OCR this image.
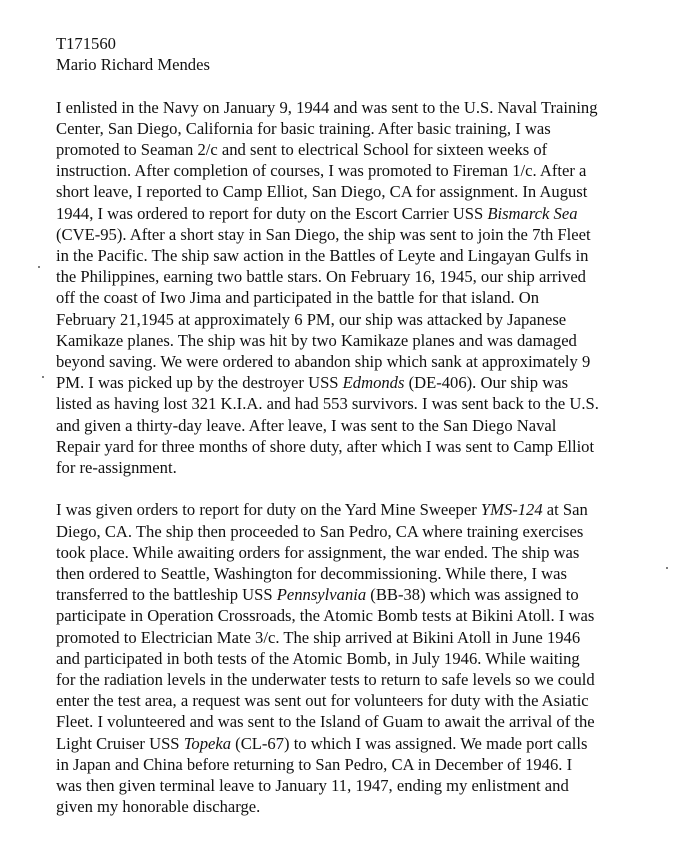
T171560

Mario Richard Mendes

I enlisted in the Navy on January 9, 1944 and was sent to the U.S. Naval Training
Center, San Diego, California for basic training. After basic training, I was
promoted to Seaman 2/c and sent to electrical School for sixteen weeks of
instruction. After completion of courses, I was promoted to Fireman 1/c. After a
short leave, I reported to Camp Elliot, San Diego, CA for assignment. In August
1944, I was ordered to report for duty on the Escort Carrier USS Bismarck Sea
(CVE-95). After a short stay in San Diego, the ship was sent to join the 7th Fleet
in the Pacific. The ship saw action in the Battles of Leyte and Lingayan Gulfs in
the Philippines, earning two battle stars. On February 16, 1945, our ship arrived
off the coast of Iwo Jima and participated in the battle for that island. On
February 21,1945 at approximately 6 PM, our ship was attacked by Japanese
Kamikaze planes. The ship was hit by two Kamikaze planes and was damaged
beyond saving. We were ordered to abandon ship which sank at approximately 9
PM. I was picked up by the destroyer USS Edmonds (DE-406). Our ship was
listed as having lost 321 K.I.A. and had 553 survivors. I was sent back to the U.S.
and given a thirty-day leave. After leave, I was sent to the San Diego Naval
Repair yard for three months of shore duty, after which I was sent to Camp Elliot
for re-assignment.
I was given orders to report for duty on the Yard Mine Sweeper YMS-124 at San
Diego, CA. The ship then proceeded to San Pedro, CA where training exercises
took place. While awaiting orders for assignment, the war ended. The ship was
then ordered to Seattle, Washington for decommissioning. While there, I was
transferred to the battleship USS Pennsylvania (BB-38) which was assigned to
participate in Operation Crossroads, the Atomic Bomb tests at Bikini Atoll. I was
promoted to Electrician Mate 3/c. The ship arrived at Bikini Atoll in June 1946
and participated in both tests of the Atomic Bomb, in July 1946. While waiting
for the radiation levels in the underwater tests to return to safe levels so we could
enter the test area, a request was sent out for volunteers for duty with the Asiatic
Fleet. I volunteered and was sent to the Island of Guam to await the arrival of the
Light Cruiser USS Topeka (CL-67) to which I was assigned. We made port calls
in Japan and China before returning to San Pedro, CA in December of 1946. I
was then given terminal leave to January 11, 1947, ending my enlistment and
given my honorable discharge.
